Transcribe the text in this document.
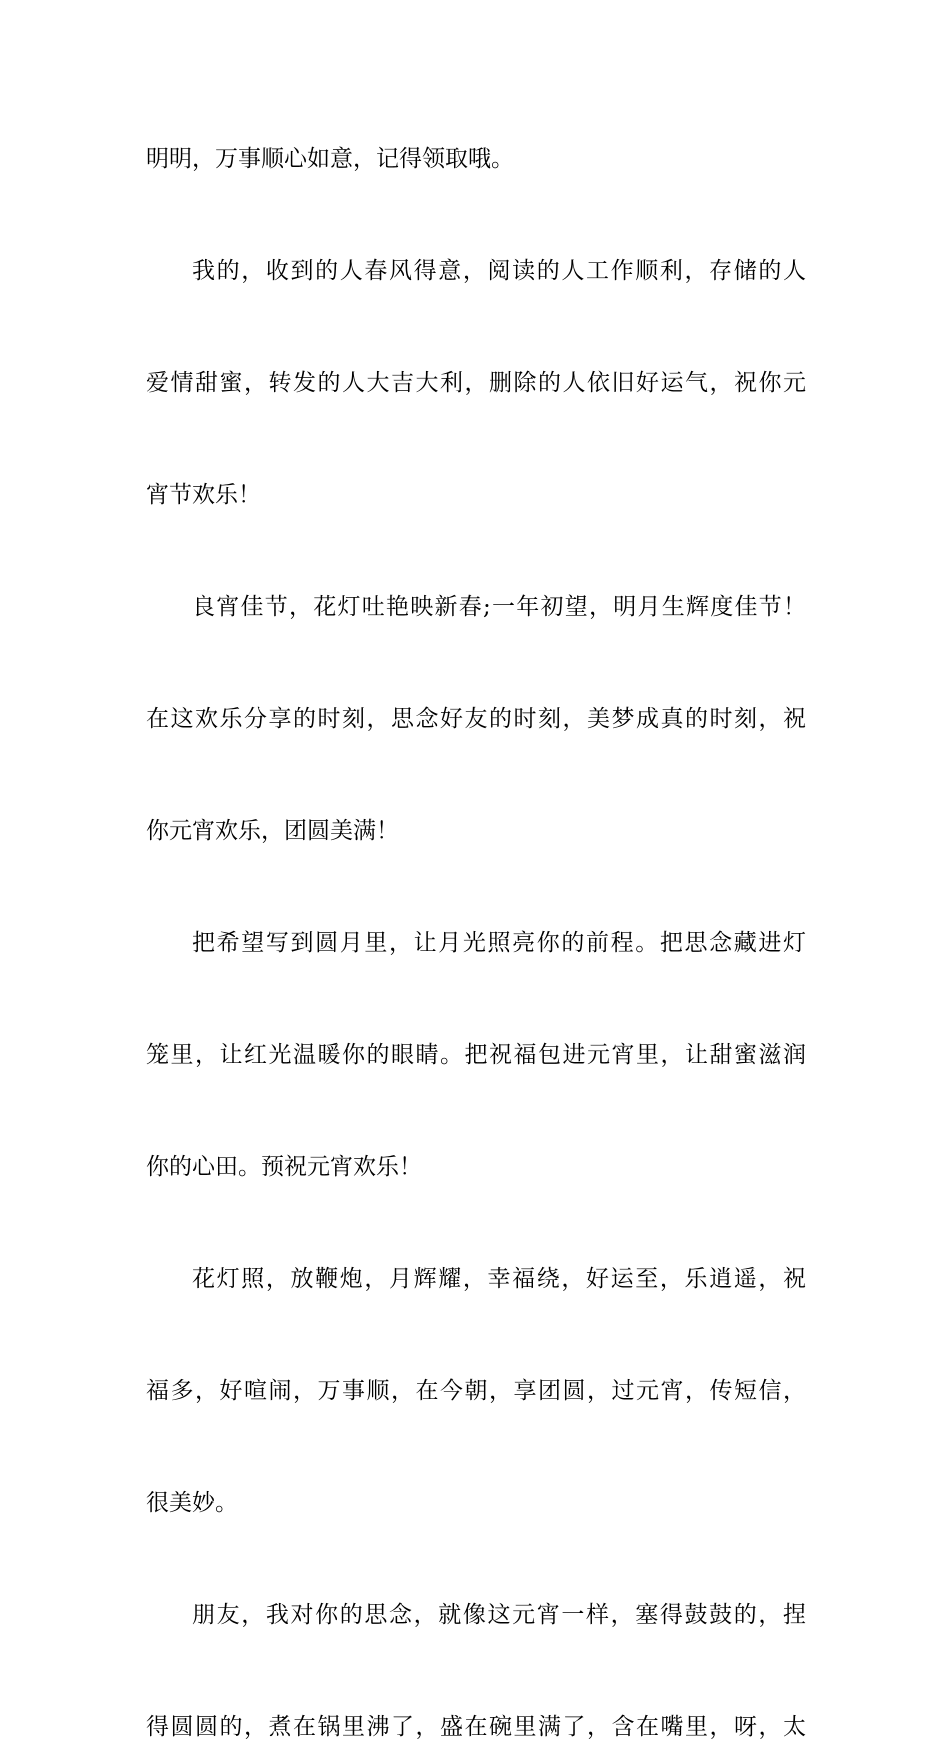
明明，万事顺心如意，记得领取哦。
我的，收到的人春风得意，阅读的人工作顺利，存储的人
爱情甜蜜，转发的人大吉大利，删除的人依旧好运气，祝你元
宵节欢乐！
良宵佳节，花灯吐艳映新春;一年初望，明月生辉度佳节！
在这欢乐分享的时刻，思念好友的时刻，美梦成真的时刻，祝
你元宵欢乐，团圆美满！
把希望写到圆月里，让月光照亮你的前程。把思念藏进灯
笼里，让红光温暖你的眼睛。把祝福包进元宵里，让甜蜜滋润
你的心田。预祝元宵欢乐！
花灯照，放鞭炮，月辉耀，幸福绕，好运至，乐逍遥，祝
福多，好喧闹，万事顺，在今朝，享团圆，过元宵，传短信，
很美妙。
朋友，我对你的思念，就像这元宵一样，塞得鼓鼓的，捏
得圆圆的，煮在锅里沸了，盛在碗里满了，含在嘴里，呀，太
